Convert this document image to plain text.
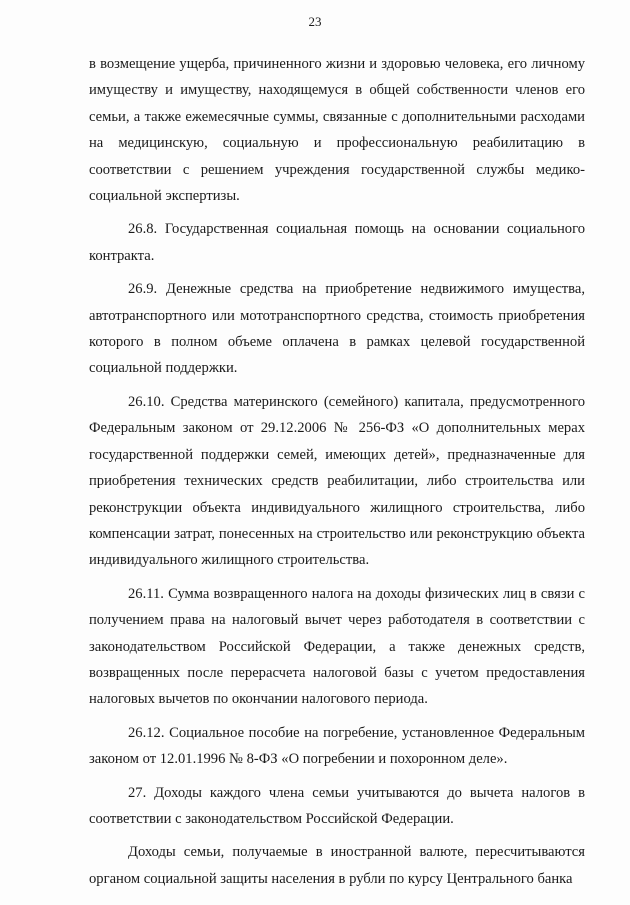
23

в возмещение ущерба, причиненного жизни и здоровью человека, его личному имуществу и имуществу, находящемуся в общей собственности членов его семьи, а также ежемесячные суммы, связанные с дополнительными расходами на медицинскую, социальную и профессиональную реабилитацию в соответствии с решением учреждения государственной службы медико-социальной экспертизы.

26.8. Государственная социальная помощь на основании социального контракта.

26.9. Денежные средства на приобретение недвижимого имущества, автотранспортного или мототранспортного средства, стоимость приобретения которого в полном объеме оплачена в рамках целевой государственной социальной поддержки.

26.10. Средства материнского (семейного) капитала, предусмотренного Федеральным законом от 29.12.2006 № 256-ФЗ «О дополнительных мерах государственной поддержки семей, имеющих детей», предназначенные для приобретения технических средств реабилитации, либо строительства или реконструкции объекта индивидуального жилищного строительства, либо компенсации затрат, понесенных на строительство или реконструкцию объекта индивидуального жилищного строительства.

26.11. Сумма возвращенного налога на доходы физических лиц в связи с получением права на налоговый вычет через работодателя в соответствии с законодательством Российской Федерации, а также денежных средств, возвращенных после перерасчета налоговой базы с учетом предоставления налоговых вычетов по окончании налогового периода.

26.12. Социальное пособие на погребение, установленное Федеральным законом от 12.01.1996 № 8-ФЗ «О погребении и похоронном деле».

27. Доходы каждого члена семьи учитываются до вычета налогов в соответствии с законодательством Российской Федерации.

Доходы семьи, получаемые в иностранной валюте, пересчитываются органом социальной защиты населения в рубли по курсу Центрального банка
